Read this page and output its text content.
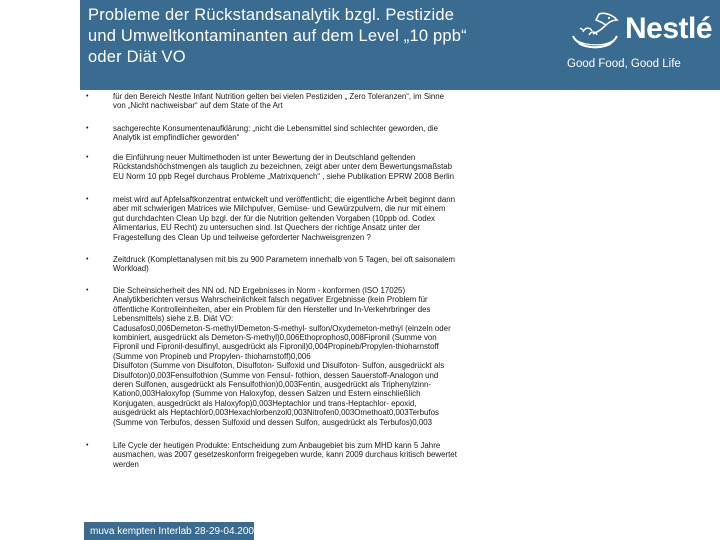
Probleme der Rückstandsanalytik bzgl. Pestizide
und Umweltkontaminanten auf dem Level „10 ppb“
oder Diät VO
Nestlé
Good Food, Good Life
•	für den Bereich Nestle Infant Nutrition gelten bei vielen Pestiziden „ Zero Toleranzen“, im Sinne
von „Nicht nachweisbar“ auf dem State of the Art
•	sachgerechte Konsumentenaufklärung: „nicht die Lebensmittel sind schlechter geworden, die
Analytik ist empfindlicher geworden“
•	die Einführung neuer Multimethoden ist unter Bewertung der in Deutschland geltenden
Rückstandshöchstmengen als tauglich zu bezeichnen, zeigt aber unter dem Bewertungsmaßstab
EU Norm 10 ppb Regel durchaus Probleme „Matrixquench“ , siehe Publikation EPRW 2008 Berlin
•	meist wird auf Apfelsaftkonzentrat entwickelt und veröffentlicht; die eigentliche Arbeit beginnt dann
aber mit schwierigen Matrices wie Milchpulver, Gemüse- und Gewürzpulvern, die nur mit einem
gut durchdachten Clean Up bzgl. der für die Nutrition geltenden Vorgaben (10ppb od. Codex
Alimentarius, EU Recht) zu untersuchen sind. Ist Quechers der richtige Ansatz unter der
Fragestellung des Clean Up und teilweise geforderter Nachweisgrenzen ?
•	Zeitdruck (Komplettanalysen mit bis zu 900 Parametern innerhalb von 5 Tagen, bei oft saisonalem
Workload)
•	Die Scheinsicherheit des NN od. ND Ergebnisses in Norm - konformen (ISO 17025)
Analytikberichten versus Wahrscheinlichkeit falsch negativer Ergebnisse (kein Problem für
öffentliche Kontrolleinheiten, aber ein Problem für den Hersteller und In-Verkehrbringer des
Lebensmittels) siehe z.B. Diät VO:
Cadusafos0,006Demeton-S-methyl/Demeton-S-methyl- sulfon/Oxydemeton-methyl (einzeln oder
kombiniert, ausgedrückt als Demeton-S-methyl)0,006Ethoprophos0,008Fipronil (Summe von
Fipronil und Fipronil-desulfinyl, ausgedrückt als Fipronil)0,004Propineb/Propylen-thioharnstoff
(Summe von Propineb und Propylen- thioharnstoff)0,006
Disulfoton (Summe von Disulfoton, Disulfoton- Sulfoxid und Disulfoton- Sulfon, ausgedrückt als
Disulfoton)0,003Fensulfothion (Summe von Fensul- fothion, dessen Sauerstoff-Analogon und
deren Sulfonen, ausgedrückt als Fensulfothion)0,003Fentin, ausgedrückt als Triphenylzinn-
Kation0,003Haloxyfop (Summe von Haloxyfop, dessen Salzen und Estern einschließlich
Konjugaten, ausgedrückt als Haloxyfop)0,003Heptachlor und trans-Heptachlor- epoxid,
ausgedrückt als Heptachlor0,003Hexachlorbenzol0,003Nitrofen0,003Omethoat0,003Terbufos
(Summe von Terbufos, dessen Sulfoxid und dessen Sulfon, ausgedrückt als Terbufos)0,003
•	Life Cycle der heutigen Produkte: Entscheidung zum Anbaugebiet bis zum MHD kann 5 Jahre
ausmachen, was 2007 gesetzeskonform freigegeben wurde, kann 2009 durchaus kritisch bewertet
werden
muva kempten Interlab 28-29-04.2009
